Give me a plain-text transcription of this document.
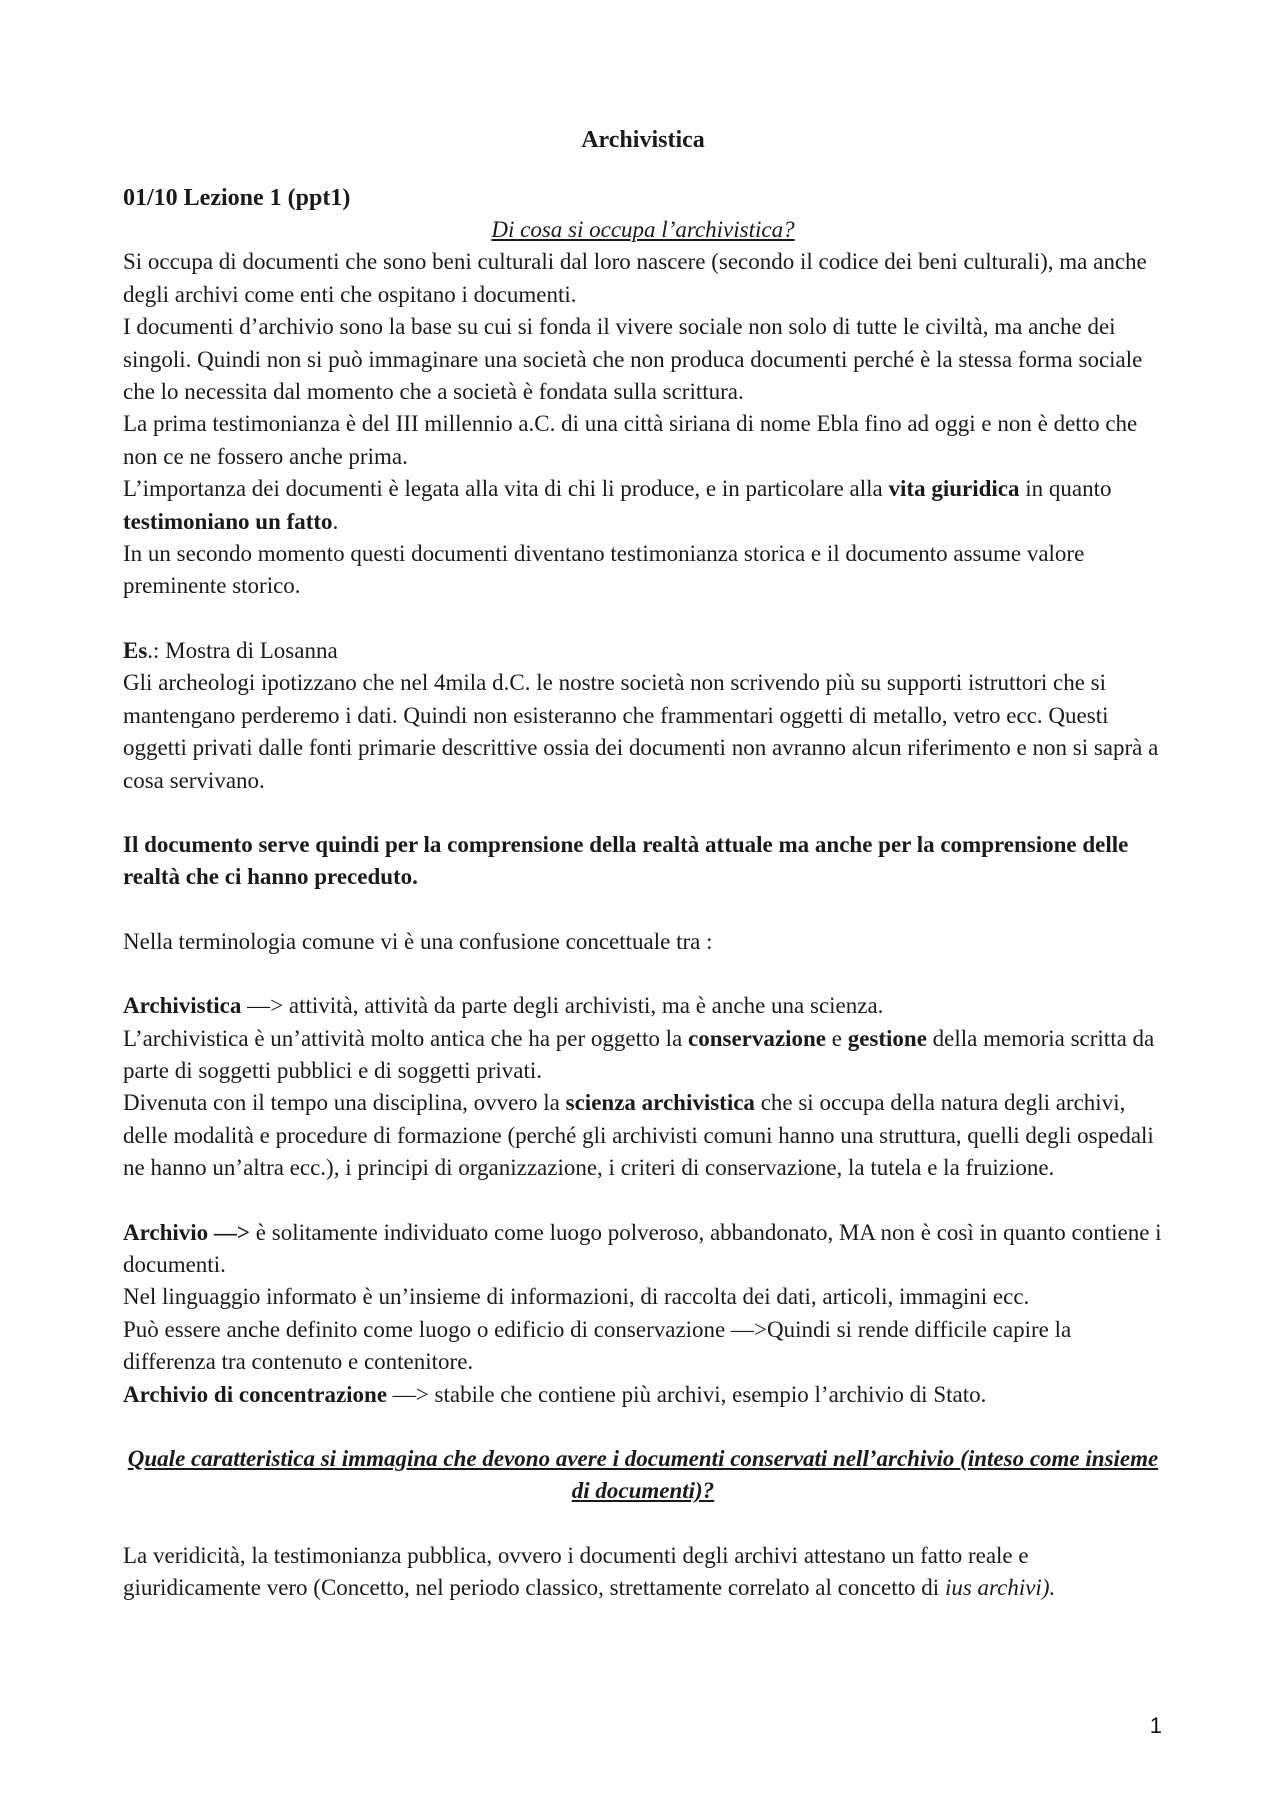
Archivistica

01/10 Lezione 1 (ppt1)

Di cosa si occupa l’archivistica?

Si occupa di documenti che sono beni culturali dal loro nascere (secondo il codice dei beni culturali), ma anche degli archivi come enti che ospitano i documenti.

I documenti d’archivio sono la base su cui si fonda il vivere sociale non solo di tutte le civiltà, ma anche dei singoli. Quindi non si può immaginare una società che non produca documenti perché è la stessa forma sociale che lo necessita dal momento che a società è fondata sulla scrittura.

La prima testimonianza è del III millennio a.C. di una città siriana di nome Ebla fino ad oggi e non è detto che non ce ne fossero anche prima.

L’importanza dei documenti è legata alla vita di chi li produce, e in particolare alla vita giuridica in quanto testimoniano un fatto.

In un secondo momento questi documenti diventano testimonianza storica e il documento assume valore preminente storico.

Es.: Mostra di Losanna

Gli archeologi ipotizzano che nel 4mila d.C. le nostre società non scrivendo più su supporti istruttori che si mantengano perderemo i dati. Quindi non esisteranno che frammentari oggetti di metallo, vetro ecc. Questi oggetti privati dalle fonti primarie descrittive ossia dei documenti non avranno alcun riferimento e non si saprà a cosa servivano.

Il documento serve quindi per la comprensione della realtà attuale ma anche per la comprensione delle realtà che ci hanno preceduto.

Nella terminologia comune vi è una confusione concettuale tra :

Archivistica —> attività, attività da parte degli archivisti, ma è anche una scienza.

L’archivistica è un’attività molto antica che ha per oggetto la conservazione e gestione della memoria scritta da parte di soggetti pubblici e di soggetti privati.

Divenuta con il tempo una disciplina, ovvero la scienza archivistica che si occupa della natura degli archivi, delle modalità e procedure di formazione (perché gli archivisti comuni hanno una struttura, quelli degli ospedali ne hanno un’altra ecc.), i principi di organizzazione, i criteri di conservazione, la tutela e la fruizione.

Archivio —> è solitamente individuato come luogo polveroso, abbandonato, MA non è così in quanto contiene i documenti.

Nel linguaggio informato è un’insieme di informazioni, di raccolta dei dati, articoli, immagini ecc.

Può essere anche definito come luogo o edificio di conservazione —>Quindi si rende difficile capire la differenza tra contenuto e contenitore.

Archivio di concentrazione —> stabile che contiene più archivi, esempio l’archivio di Stato.

Quale caratteristica si immagina che devono avere i documenti conservati nell’archivio (inteso come insieme di documenti)?

La veridicità, la testimonianza pubblica, ovvero i documenti degli archivi attestano un fatto reale e giuridicamente vero (Concetto, nel periodo classico, strettamente correlato al concetto di ius archivi).

1
